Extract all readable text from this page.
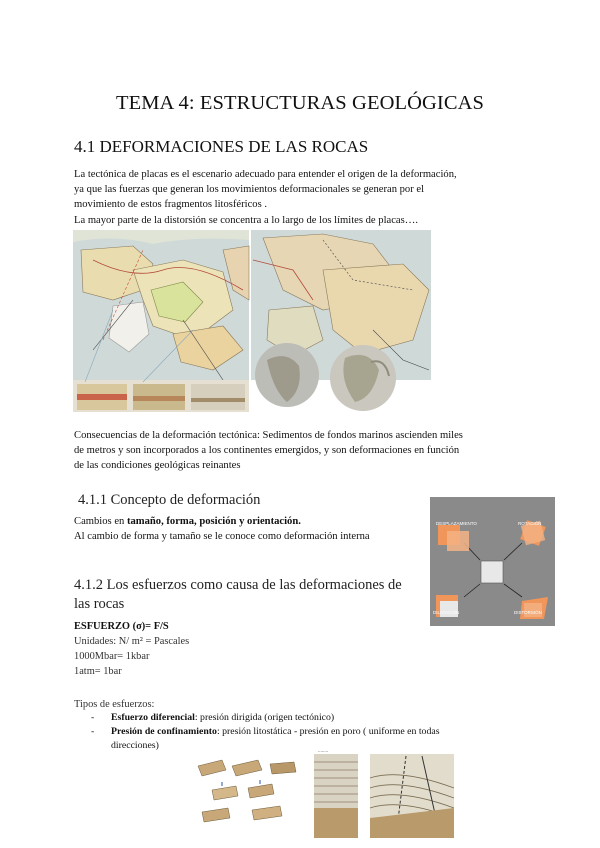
TEMA 4: ESTRUCTURAS GEOLÓGICAS
4.1 DEFORMACIONES DE LAS ROCAS
La tectónica de placas es el escenario adecuado para entender el origen de la deformación,
ya que las fuerzas que generan los movimientos deformacionales se generan por el
movimiento de estos fragmentos litosféricos .
La mayor parte de la distorsión se concentra a lo largo de los límites de placas….
Consecuencias de la deformación tectónica: Sedimentos de fondos marinos ascienden miles
de metros y son incorporados a los continentes emergidos, y son deformaciones en función
de las condiciones geológicas reinantes
4.1.1 Concepto de deformación
Cambios en tamaño, forma, posición y orientación.
Al cambio de forma y tamaño se le conoce como deformación interna
DESPLAZAMIENTO	ROTACIÓN
DILATACIÓN	DISTORSIÓN
4.1.2 Los esfuerzos como causa de las deformaciones de
las rocas
ESFUERZO (σ)= F/S
Unidades: N/ m² = Pascales
1000Mbar= 1kbar
1atm= 1bar
Tipos de esfuerzos:
- Esfuerzo diferencial: presión dirigida (origen tectónico)
- Presión de confinamiento: presión litostática - presión en poro ( uniforme en todas
direcciones)
········
